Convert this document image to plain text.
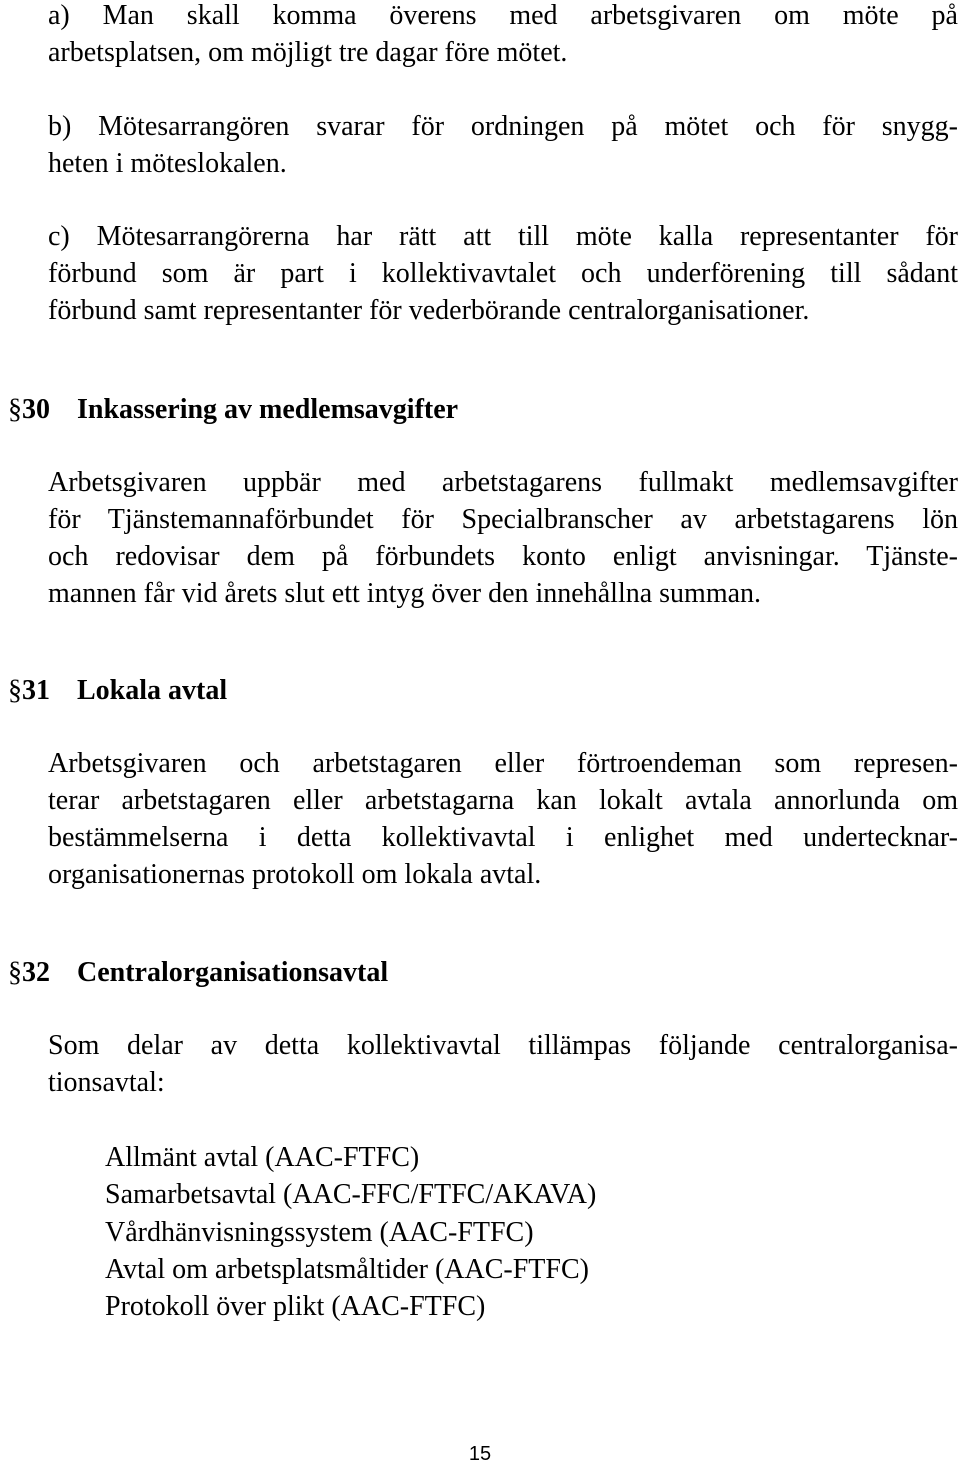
a) Man skall komma överens med arbetsgivaren om möte på
arbetsplatsen, om möjligt tre dagar före mötet.
b) Mötesarrangören svarar för ordningen på mötet och för snygg-
heten i möteslokalen.
c) Mötesarrangörerna har rätt att till möte kalla representanter för
förbund som är part i kollektivavtalet och underförening till sådant
förbund samt representanter för vederbörande centralorganisationer.
§ 30 Inkassering av medlemsavgifter
Arbetsgivaren uppbär med arbetstagarens fullmakt medlemsavgifter
för Tjänstemannaförbundet för Specialbranscher av arbetstagarens lön
och redovisar dem på förbundets konto enligt anvisningar. Tjänste-
mannen får vid årets slut ett intyg över den innehållna summan.
§ 31 Lokala avtal
Arbetsgivaren och arbetstagaren eller förtroendeman som represen-
terar arbetstagaren eller arbetstagarna kan lokalt avtala annorlunda om
bestämmelserna i detta kollektivavtal i enlighet med undertecknar-
organisationernas protokoll om lokala avtal.
§ 32 Centralorganisationsavtal
Som delar av detta kollektivavtal tillämpas följande centralorganisa-
tionsavtal:
Allmänt avtal (AAC-FTFC)
Samarbetsavtal (AAC-FFC/FTFC/AKAVA)
Vårdhänvisningssystem (AAC-FTFC)
Avtal om arbetsplatsmåltider (AAC-FTFC)
Protokoll över plikt (AAC-FTFC)
15
